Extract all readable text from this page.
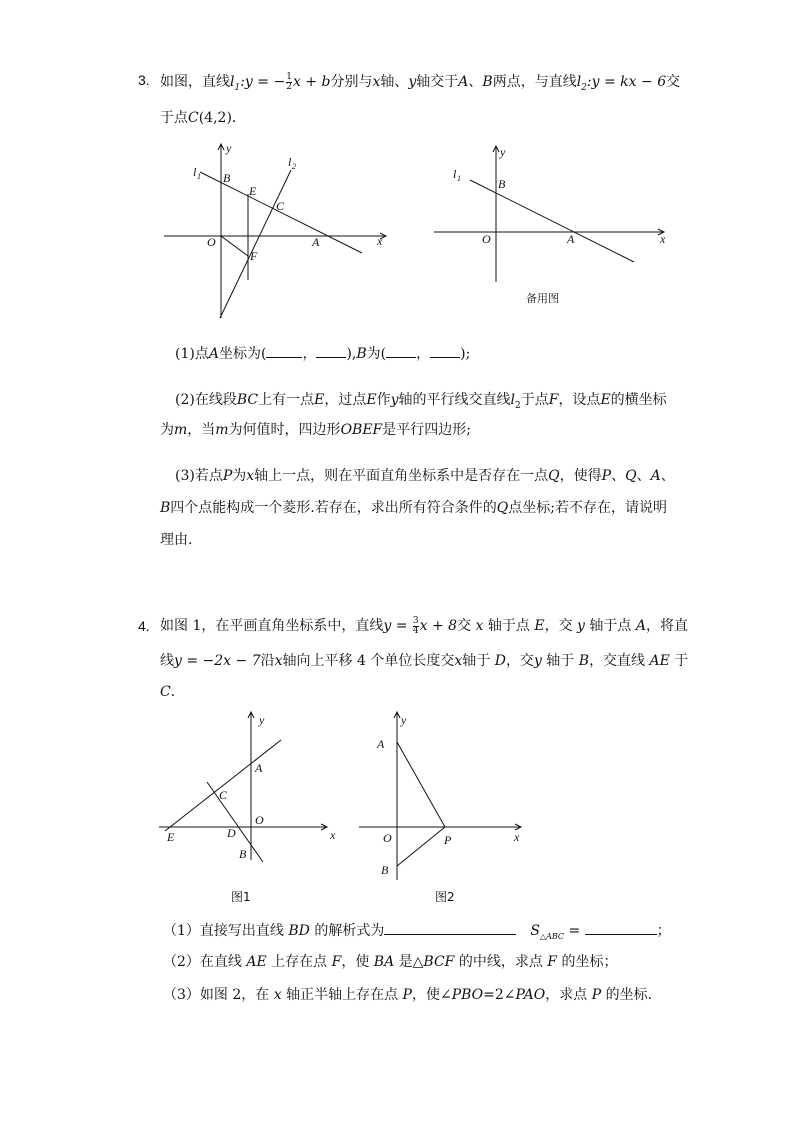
3. 如图，直线$l_1:y$ = − $\frac{1}{2}$ x + b分别与x轴、y轴交于A、B两点，与直线$l_2:y$ = kx − 6交
于点C(4,2).
y
l 1
l 2
B
E
C
O	A	x
F
y
l 1	B
O	A	x
备用图
(1)点A坐标为(	， ),B为( ， );
(2)在线段BC上有一点E，过点E作y轴的平行线交直线$l_2$于点F，设点E的横坐标
为m，当m为何值时，四边形OBEF是平行四边形;
(3)若点P为x轴上一点，则在平面直角坐标系中是否存在一点Q，使得P、Q、A、
B四个点能构成一个菱形.若存在，求出所有符合条件的Q点坐标;若不存在，请说明
理由.
4. 如图 1，在平画直角坐标系中，直线$y = \frac{3}{4}$ x + 8交 x 轴于点 E，交 y 轴于点 A，将直
线y = −2x − 7沿x轴向上平移 4 个单位长度交x轴于 D，交y 轴于 B，交直线 AE 于
C．
y
A
C
O
E	D	x
B
图1
y
A
O	P	x
B
图2
（1）直接写出直线 BD 的解析式为	$S_{\triangle ABC}$ =	；
（2）在直线 AE 上存在点 F，使 BA 是△BCF 的中线，求点 F 的坐标；
（3）如图 2，在 x 轴正半轴上存在点 P，使∠PBO=2∠PAO，求点 P 的坐标．
